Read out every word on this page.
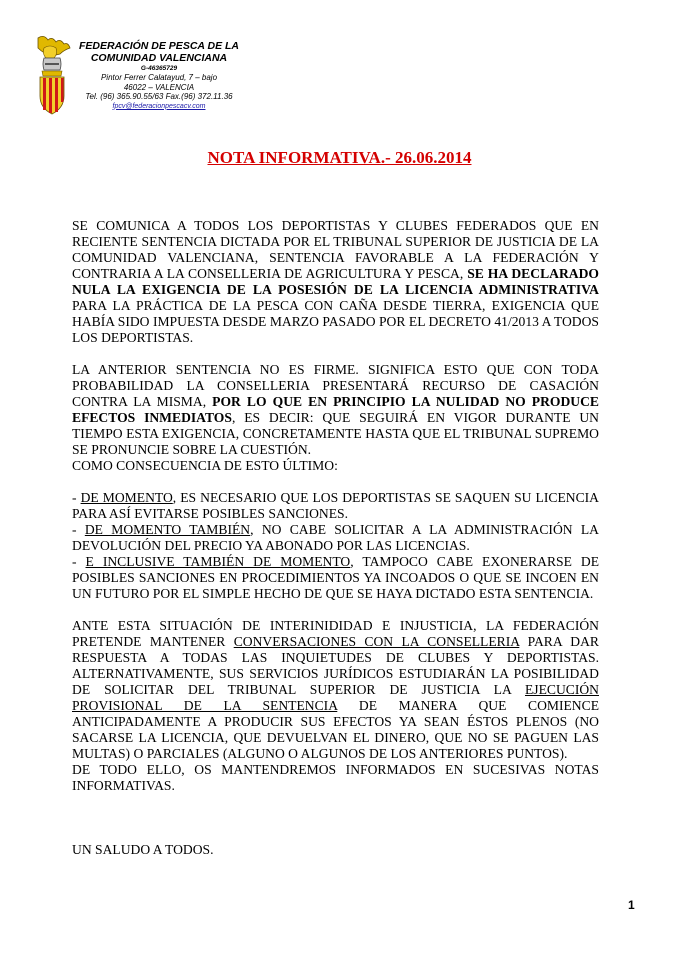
FEDERACIÓN DE PESCA DE LA
COMUNIDAD VALENCIANA
G-46365729
Pintor Ferrer Calatayud, 7 – bajo
46022 – VALENCIA
Tel. (96) 365.90.55/63 Fax.(96) 372.11.36
fpcv@federacionpescacv.com
NOTA INFORMATIVA.- 26.06.2014

SE COMUNICA A TODOS LOS DEPORTISTAS Y CLUBES FEDERADOS QUE EN RECIENTE SENTENCIA DICTADA POR EL TRIBUNAL SUPERIOR DE JUSTICIA DE LA COMUNIDAD VALENCIANA, SENTENCIA FAVORABLE A LA FEDERACIÓN Y CONTRARIA A LA CONSELLERIA DE AGRICULTURA Y PESCA, SE HA DECLARADO NULA LA EXIGENCIA DE LA POSESIÓN DE LA LICENCIA ADMINISTRATIVA PARA LA PRÁCTICA DE LA PESCA CON CAÑA DESDE TIERRA, EXIGENCIA QUE HABÍA SIDO IMPUESTA DESDE MARZO PASADO POR EL DECRETO 41/2013 A TODOS LOS DEPORTISTAS.

LA ANTERIOR SENTENCIA NO ES FIRME. SIGNIFICA ESTO QUE CON TODA PROBABILIDAD LA CONSELLERIA PRESENTARÁ RECURSO DE CASACIÓN CONTRA LA MISMA, POR LO QUE EN PRINCIPIO LA NULIDAD NO PRODUCE EFECTOS INMEDIATOS, ES DECIR: QUE SEGUIRÁ EN VIGOR DURANTE UN TIEMPO ESTA EXIGENCIA, CONCRETAMENTE HASTA QUE EL TRIBUNAL SUPREMO SE PRONUNCIE SOBRE LA CUESTIÓN.

COMO CONSECUENCIA DE ESTO ÚLTIMO:

- DE MOMENTO, ES NECESARIO QUE LOS DEPORTISTAS SE SAQUEN SU LICENCIA PARA ASÍ EVITARSE POSIBLES SANCIONES.

- DE MOMENTO TAMBIÉN, NO CABE SOLICITAR A LA ADMINISTRACIÓN LA DEVOLUCIÓN DEL PRECIO YA ABONADO POR LAS LICENCIAS.

- E INCLUSIVE TAMBIÉN DE MOMENTO, TAMPOCO CABE EXONERARSE DE POSIBLES SANCIONES EN PROCEDIMIENTOS YA INCOADOS O QUE SE INCOEN EN UN FUTURO POR EL SIMPLE HECHO DE QUE SE HAYA DICTADO ESTA SENTENCIA.

ANTE ESTA SITUACIÓN DE INTERINIDIDAD E INJUSTICIA, LA FEDERACIÓN PRETENDE MANTENER CONVERSACIONES CON LA CONSELLERIA PARA DAR RESPUESTA A TODAS LAS INQUIETUDES DE CLUBES Y DEPORTISTAS. ALTERNATIVAMENTE, SUS SERVICIOS JURÍDICOS ESTUDIARÁN LA POSIBILIDAD DE SOLICITAR DEL TRIBUNAL SUPERIOR DE JUSTICIA LA EJECUCIÓN PROVISIONAL DE LA SENTENCIA DE MANERA QUE COMIENCE ANTICIPADAMENTE A PRODUCIR SUS EFECTOS YA SEAN ÉSTOS PLENOS (NO SACARSE LA LICENCIA, QUE DEVUELVAN EL DINERO, QUE NO SE PAGUEN LAS MULTAS) O PARCIALES (ALGUNO O ALGUNOS DE LOS ANTERIORES PUNTOS).

DE TODO ELLO, OS MANTENDREMOS INFORMADOS EN SUCESIVAS NOTAS INFORMATIVAS.

UN SALUDO A TODOS.

1
